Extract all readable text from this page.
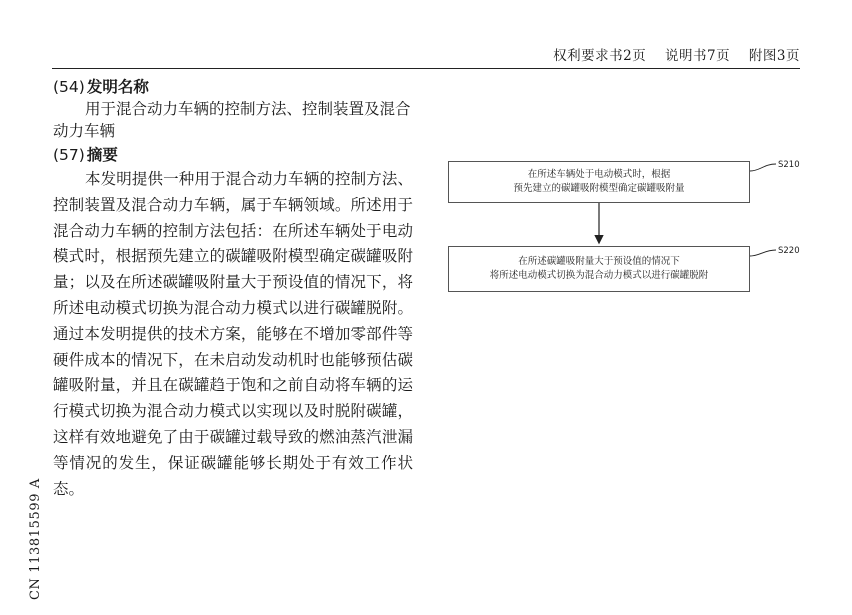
权利要求书2页 说明书7页 附图3页
(54) 发明名称

用于混合动力车辆的控制方法、控制装置及混合动力车辆

(57) 摘要

本发明提供一种用于混合动力车辆的控制方法、控制装置及混合动力车辆，属于车辆领域。所述用于混合动力车辆的控制方法包括：在所述车辆处于电动模式时，根据预先建立的碳罐吸附模型确定碳罐吸附量；以及在所述碳罐吸附量大于预设值的情况下，将所述电动模式切换为混合动力模式以进行碳罐脱附。通过本发明提供的技术方案，能够在不增加零部件等硬件成本的情况下，在未启动发动机时也能够预估碳罐吸附量，并且在碳罐趋于饱和之前自动将车辆的运行模式切换为混合动力模式以实现以及时脱附碳罐，这样有效地避免了由于碳罐过载导致的燃油蒸汽泄漏等情况的发生，保证碳罐能够长期处于有效工作状态。

CN 113815599 A
在所述车辆处于电动模式时，根据
预先建立的碳罐吸附模型确定碳罐吸附量
S210
在所述碳罐吸附量大于预设值的情况下
将所述电动模式切换为混合动力模式以进行碳罐脱附
S220
